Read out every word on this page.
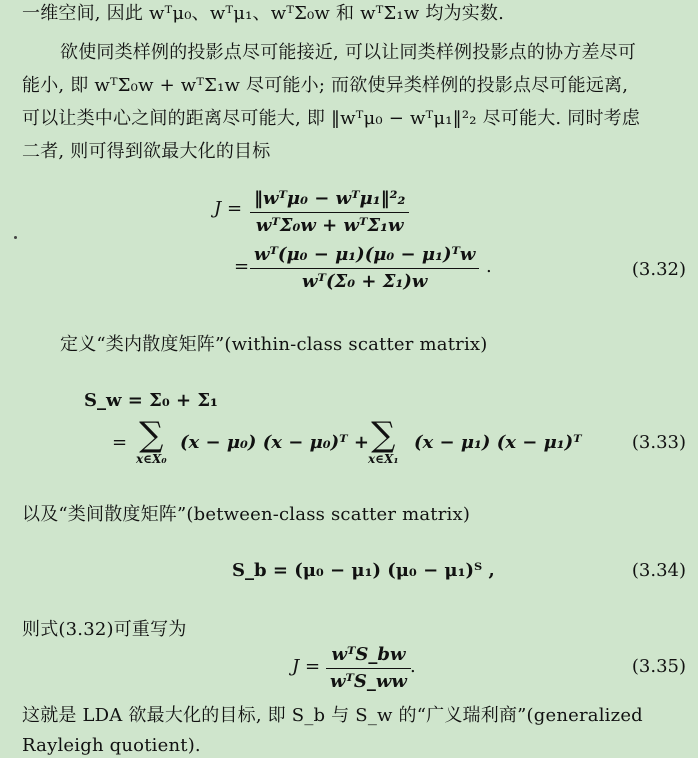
一维空间, 因此 wᵀμ₀、wᵀμ₁、wᵀΣ₀w 和 wᵀΣ₁w 均为实数.
欲使同类样例的投影点尽可能接近, 可以让同类样例投影点的协方差尽可
能小, 即 wᵀΣ₀w + wᵀΣ₁w 尽可能小; 而欲使异类样例的投影点尽可能远离,
可以让类中心之间的距离尽可能大, 即 ‖wᵀμ₀ − wᵀμ₁‖²₂ 尽可能大. 同时考虑
二者, 则可得到欲最大化的目标
J = ‖wᵀμ₀ − wᵀμ₁‖²₂
wᵀΣ₀w + wᵀΣ₁w
= $\frac{\text{wᵀ(μ₀ − μ₁)(μ₀ − μ₁)ᵀw}}{\text{wᵀ(Σ₀ + Σ₁)w}}$ .	(3.32)
定义“类内散度矩阵”(within-class scatter matrix)
S_w = Σ₀ + Σ₁
= ∑
x∈X₀
(x − μ₀) (x − μ₀)ᵀ + ∑
x∈X₁
(x − μ₁) (x − μ₁)ᵀ	(3.33)
以及“类间散度矩阵”(between-class scatter matrix)
S_b = (μ₀ − μ₁) (μ₀ − μ₁)ᵀ ,	(3.34)
则式(3.32)可重写为
J =
wᵀS_bw
wᵀS_ww
.	(3.35)
这就是 LDA 欲最大化的目标, 即 S_b 与 S_w 的“广义瑞利商”(generalized
Rayleigh quotient).
